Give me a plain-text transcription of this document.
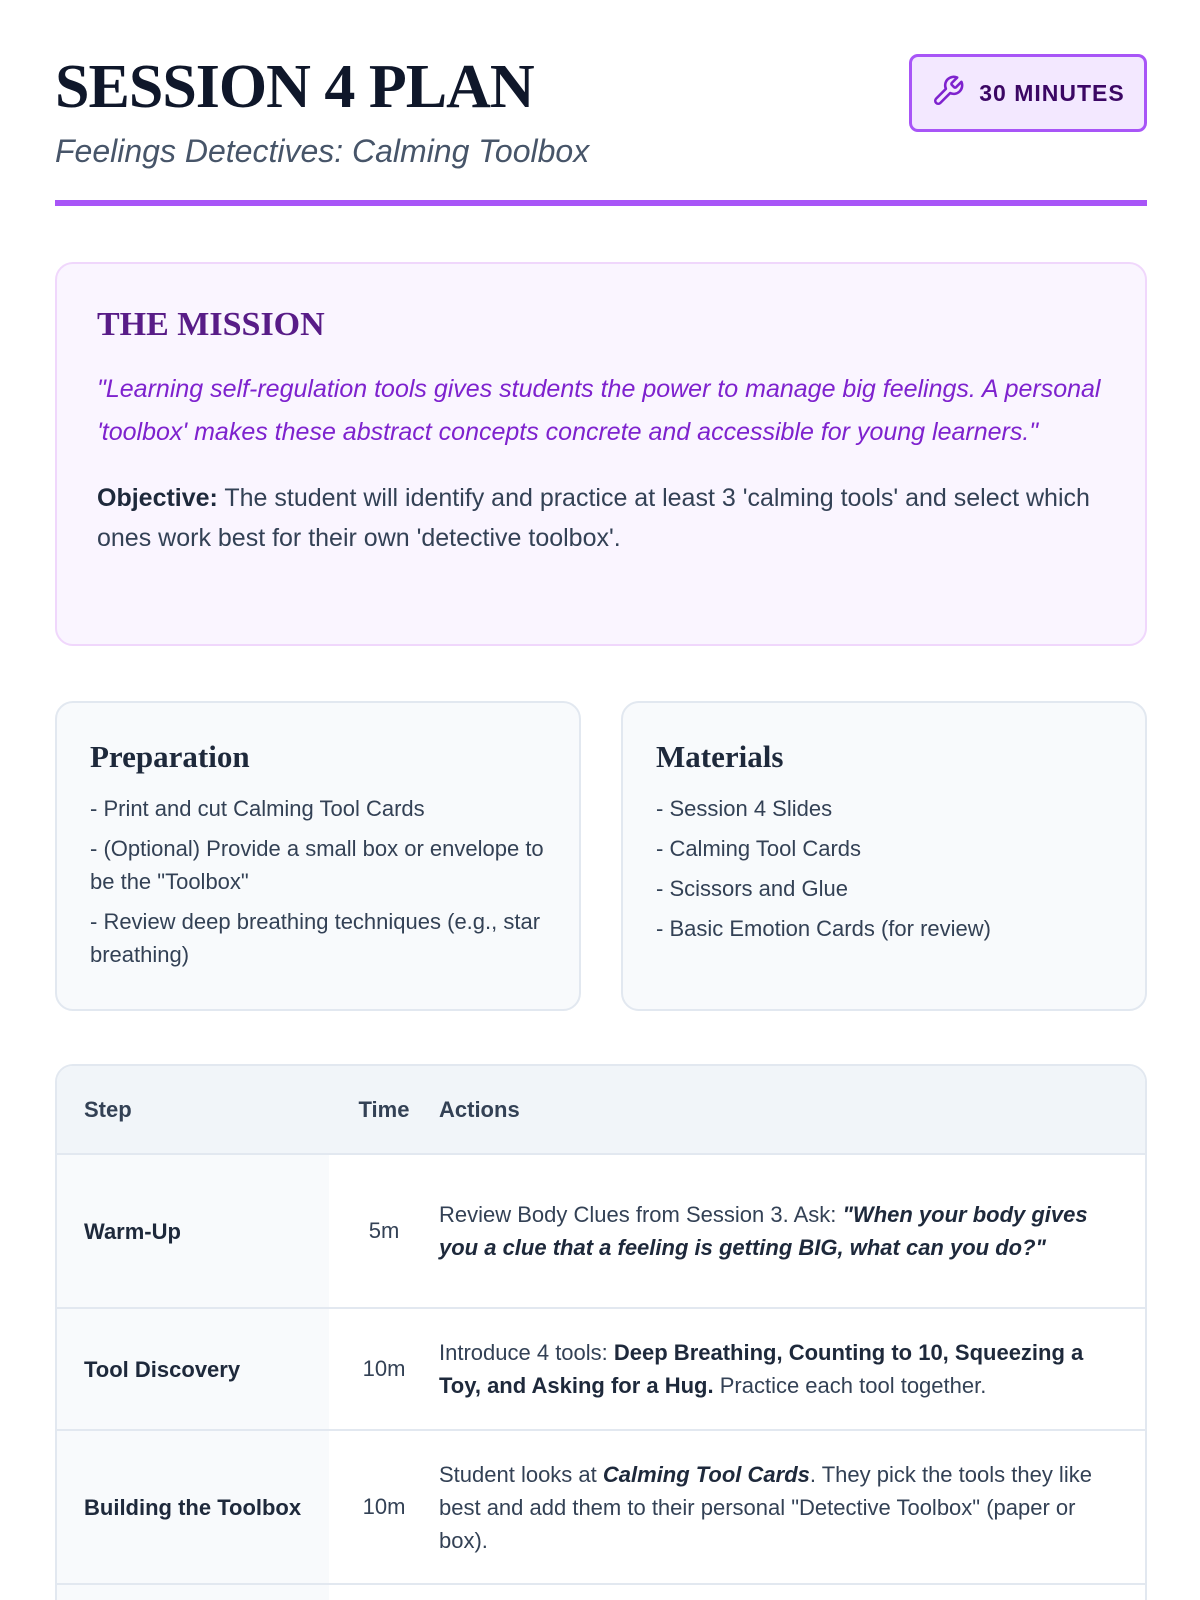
SESSION 4 PLAN
Feelings Detectives: Calming Toolbox
30 MINUTES
THE MISSION

"Learning self-regulation tools gives students the power to manage big feelings. A personal 'toolbox' makes these abstract concepts concrete and accessible for young learners."

Objective: The student will identify and practice at least 3 'calming tools' and select which ones work best for their own 'detective toolbox'.

Preparation
- Print and cut Calming Tool Cards
- (Optional) Provide a small box or envelope to be the "Toolbox"
- Review deep breathing techniques (e.g., star breathing)
Materials
- Session 4 Slides
- Calming Tool Cards
- Scissors and Glue
- Basic Emotion Cards (for review)
Step	Time	Actions
Warm-Up	5m	Review Body Clues from Session 3. Ask: "When your body gives you a clue that a feeling is getting BIG, what can you do?"
Tool Discovery	10m	Introduce 4 tools: Deep Breathing, Counting to 10, Squeezing a Toy, and Asking for a Hug. Practice each tool together.
Building the Toolbox	10m	Student looks at Calming Tool Cards. They pick the tools they like best and add them to their personal "Detective Toolbox" (paper or box).
